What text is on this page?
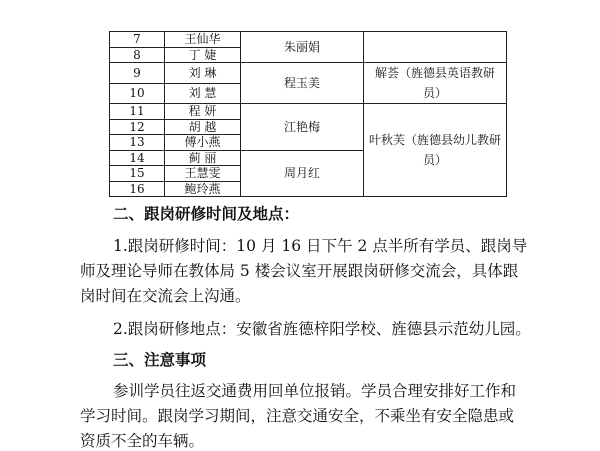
7	王仙华	朱丽娟	
8	丁 婕		
9	刘 琳	程玉美	解荟（旌德县英语教研员）
10	刘 慧		
11	程 妍	江艳梅	叶秋芙（旌德县幼儿教研员）
12	胡 越		
13	傅小燕		
14	蓟 丽	周月红	
15	王慧雯		
16	鲍玲燕		
二、跟岗研修时间及地点：
1.跟岗研修时间：10 月 16 日下午 2 点半所有学员、跟岗导
师及理论导师在教体局 5 楼会议室开展跟岗研修交流会，具体跟
岗时间在交流会上沟通。
2.跟岗研修地点：安徽省旌德梓阳学校、旌德县示范幼儿园。
三、注意事项
参训学员往返交通费用回单位报销。学员合理安排好工作和
学习时间。跟岗学习期间，注意交通安全，不乘坐有安全隐患或
资质不全的车辆。
